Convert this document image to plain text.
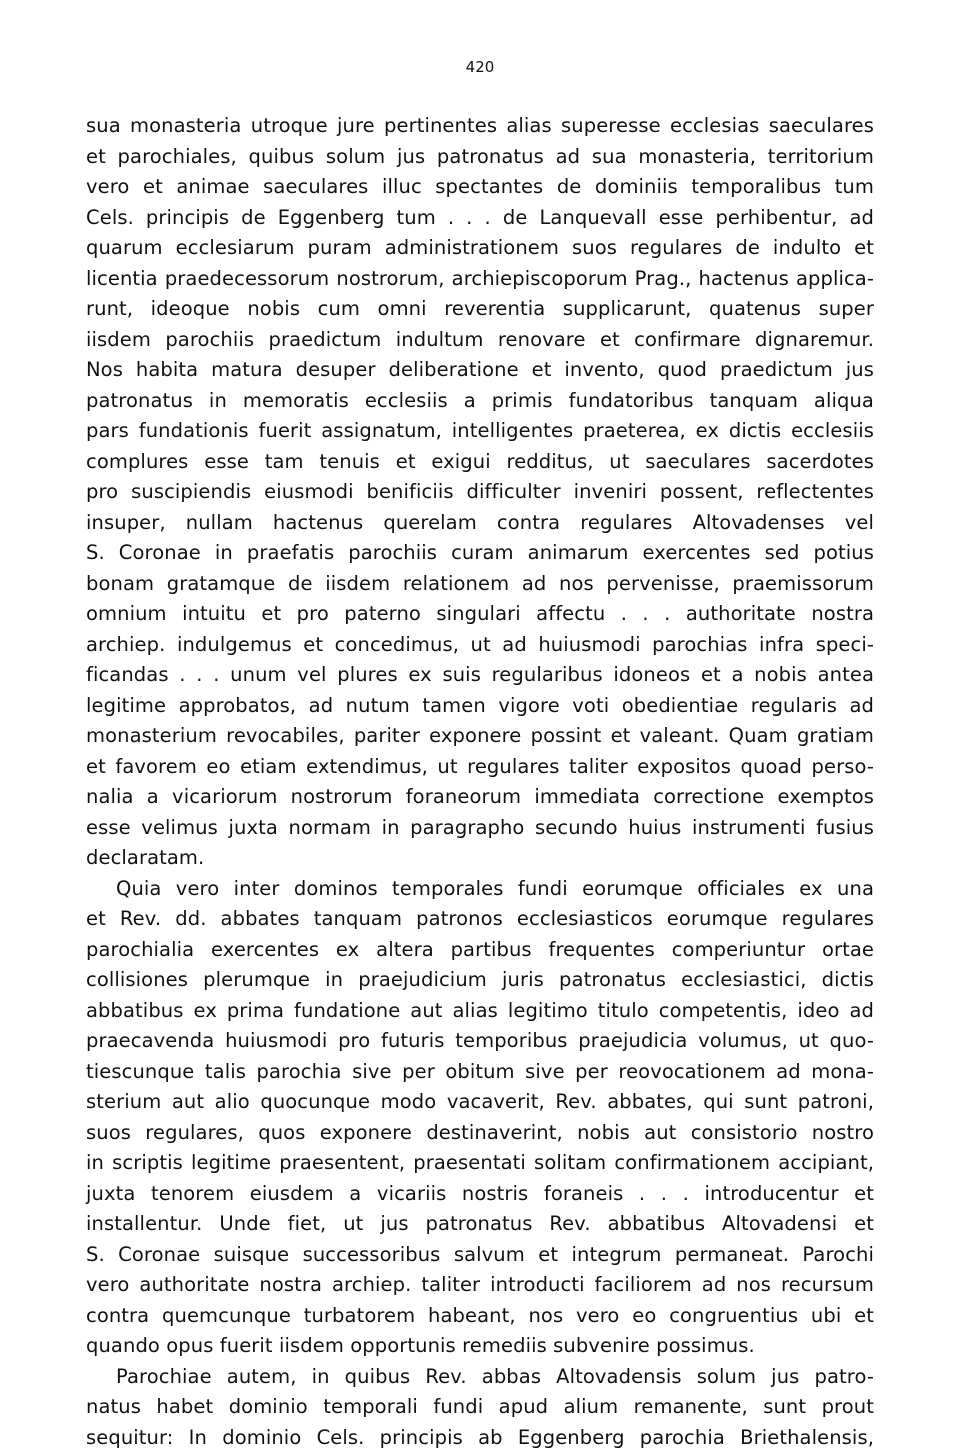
420
sua monasteria utroque jure pertinentes alias superesse ecclesias saeculares
et parochiales, quibus solum jus patronatus ad sua monasteria, territorium
vero et animae saeculares illuc spectantes de dominiis temporalibus tum
Cels. principis de Eggenberg tum . . . de Lanquevall esse perhibentur, ad
quarum ecclesiarum puram administrationem suos regulares de indulto et
licentia praedecessorum nostrorum, archiepiscoporum Prag., hactenus applica-
runt, ideoque nobis cum omni reverentia supplicarunt, quatenus super
iisdem parochiis praedictum indultum renovare et confirmare dignaremur.
Nos habita matura desuper deliberatione et invento, quod praedictum jus
patronatus in memoratis ecclesiis a primis fundatoribus tanquam aliqua
pars fundationis fuerit assignatum, intelligentes praeterea, ex dictis ecclesiis
complures esse tam tenuis et exigui redditus, ut saeculares sacerdotes
pro suscipiendis eiusmodi benificiis difficulter inveniri possent, reflectentes
insuper, nullam hactenus querelam contra regulares Altovadenses vel
S. Coronae in praefatis parochiis curam animarum exercentes sed potius
bonam gratamque de iisdem relationem ad nos pervenisse, praemissorum
omnium intuitu et pro paterno singulari affectu . . . authoritate nostra
archiep. indulgemus et concedimus, ut ad huiusmodi parochias infra speci-
ficandas . . . unum vel plures ex suis regularibus idoneos et a nobis antea
legitime approbatos, ad nutum tamen vigore voti obedientiae regularis ad
monasterium revocabiles, pariter exponere possint et valeant. Quam gratiam
et favorem eo etiam extendimus, ut regulares taliter expositos quoad perso-
nalia a vicariorum nostrorum foraneorum immediata correctione exemptos
esse velimus juxta normam in paragrapho secundo huius instrumenti fusius
declaratam.
Quia vero inter dominos temporales fundi eorumque officiales ex una
et Rev. dd. abbates tanquam patronos ecclesiasticos eorumque regulares
parochialia exercentes ex altera partibus frequentes comperiuntur ortae
collisiones plerumque in praejudicium juris patronatus ecclesiastici, dictis
abbatibus ex prima fundatione aut alias legitimo titulo competentis, ideo ad
praecavenda huiusmodi pro futuris temporibus praejudicia volumus, ut quo-
tiescunque talis parochia sive per obitum sive per reovocationem ad mona-
sterium aut alio quocunque modo vacaverit, Rev. abbates, qui sunt patroni,
suos regulares, quos exponere destinaverint, nobis aut consistorio nostro
in scriptis legitime praesentent, praesentati solitam confirmationem accipiant,
juxta tenorem eiusdem a vicariis nostris foraneis . . . introducentur et
installentur. Unde fiet, ut jus patronatus Rev. abbatibus Altovadensi et
S. Coronae suisque successoribus salvum et integrum permaneat. Parochi
vero authoritate nostra archiep. taliter introducti faciliorem ad nos recursum
contra quemcunque turbatorem habeant, nos vero eo congruentius ubi et
quando opus fuerit iisdem opportunis remediis subvenire possimus.
Parochiae autem, in quibus Rev. abbas Altovadensis solum jus patro-
natus habet dominio temporali fundi apud alium remanente, sunt prout
sequitur: In dominio Cels. principis ab Eggenberg parochia Briethalensis,
